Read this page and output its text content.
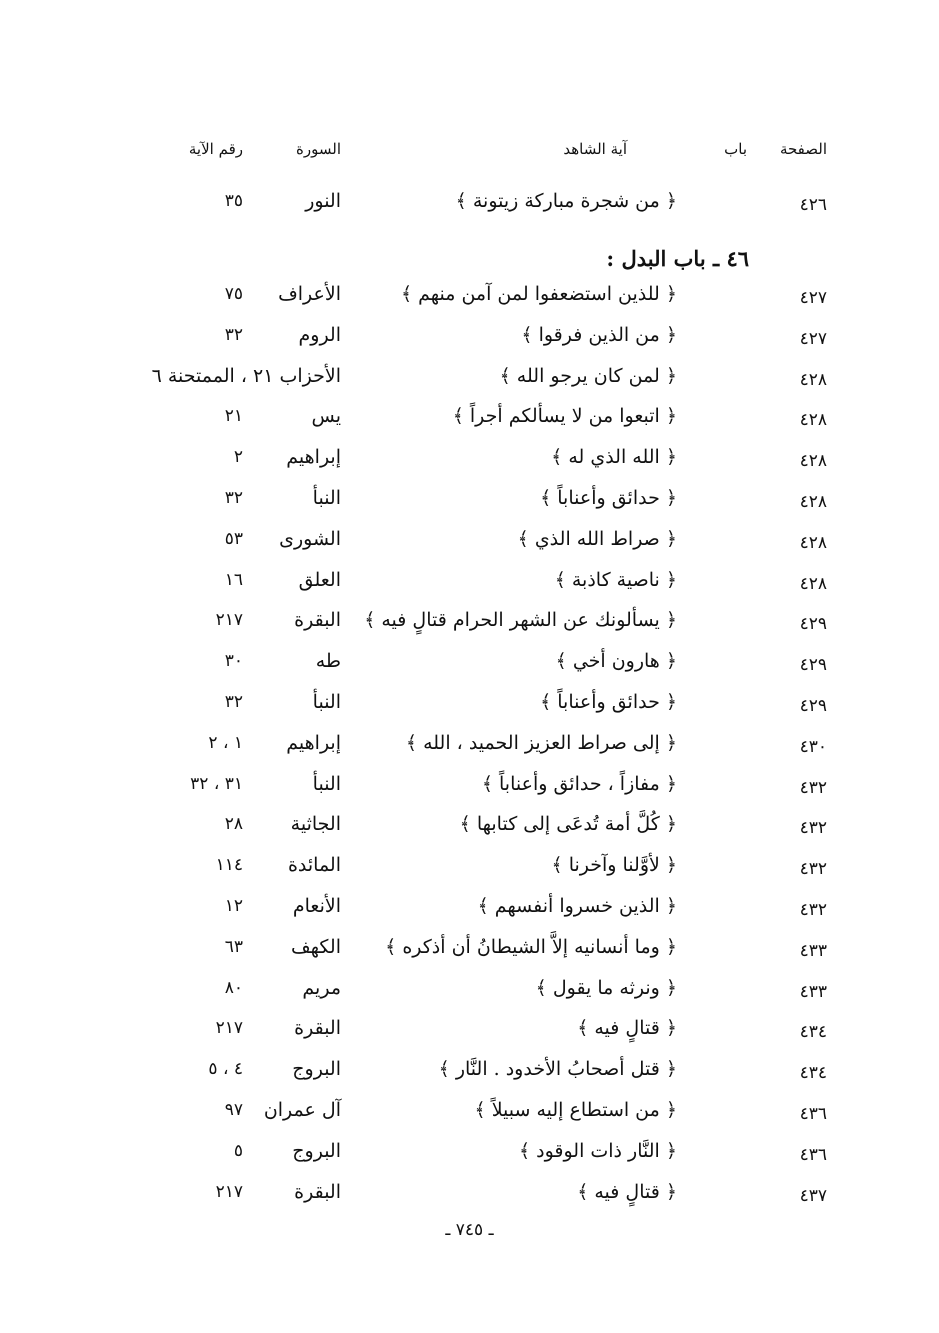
الصفحة
باب
آية الشاهد
السورة
رقم الآية
٤٢٦
﴿ من شجرة مباركة زيتونة ﴾
النور
٣٥
٤٦ ـ باب البدل :
٤٢٧
﴿ للذين استضعفوا لمن آمن منهم ﴾
الأعراف
٧٥
٤٢٧
﴿ من الذين فرقوا ﴾
الروم
٣٢
٤٢٨
﴿ لمن كان يرجو الله ﴾
الأحزاب ٢١ ، الممتحنة ٦
٤٢٨
﴿ اتبعوا من لا يسألكم أجراً ﴾
يس
٢١
٤٢٨
﴿ الله الذي له ﴾
إبراهيم
٢
٤٢٨
﴿ حدائق وأعناباً ﴾
النبأ
٣٢
٤٢٨
﴿ صراط الله الذي ﴾
الشورى
٥٣
٤٢٨
﴿ ناصية كاذبة ﴾
العلق
١٦
٤٢٩
﴿ يسألونك عن الشهر الحرام قتالٍ فيه ﴾
البقرة
٢١٧
٤٢٩
﴿ هارون أخي ﴾
طه
٣٠
٤٢٩
﴿ حدائق وأعناباً ﴾
النبأ
٣٢
٤٣٠
﴿ إلى صراط العزيز الحميد ، الله ﴾
إبراهيم
١ ، ٢
٤٣٢
﴿ مفازاً ، حدائق وأعناباً ﴾
النبأ
٣١ ، ٣٢
٤٣٢
﴿ كُلَّ أمة تُدعَى إلى كتابها ﴾
الجاثية
٢٨
٤٣٢
﴿ لأوَّلنا وآخرنا ﴾
المائدة
١١٤
٤٣٢
﴿ الذين خسروا أنفسهم ﴾
الأنعام
١٢
٤٣٣
﴿ وما أنسانيه إلاَّ الشيطانُ أن أذكره ﴾
الكهف
٦٣
٤٣٣
﴿ ونرثه ما يقول ﴾
مريم
٨٠
٤٣٤
﴿ قتالٍ فيه ﴾
البقرة
٢١٧
٤٣٤
﴿ قتل أصحابُ الأخدود . النَّار ﴾
البروج
٤ ، ٥
٤٣٦
﴿ من استطاع إليه سبيلاً ﴾
آل عمران
٩٧
٤٣٦
﴿ النَّار ذات الوقود ﴾
البروج
٥
٤٣٧
﴿ قتالٍ فيه ﴾
البقرة
٢١٧
ـ ٧٤٥ ـ
